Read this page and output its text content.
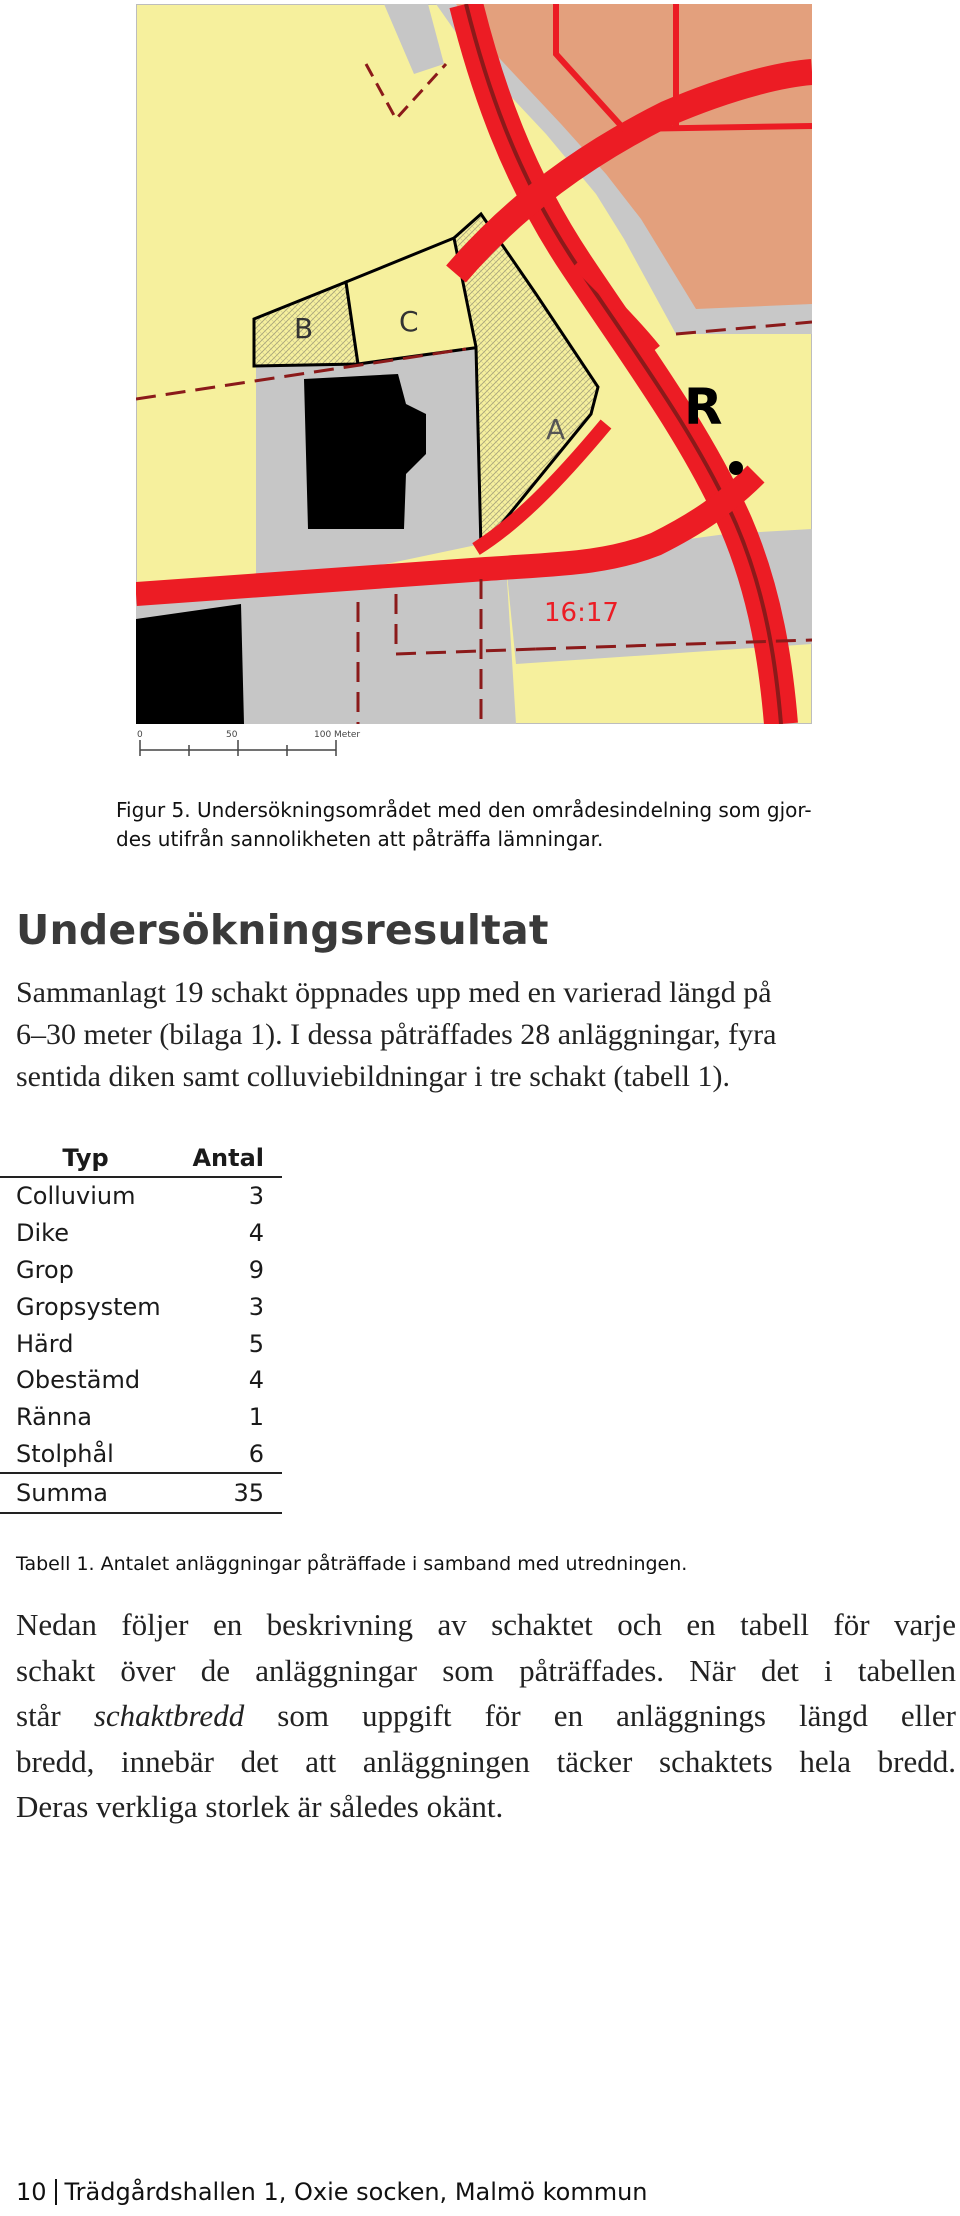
B	C
A
16:17
R
0	50	100 Meter
Figur 5. Undersökningsområdet med den områdesindelning som gjor-
des utifrån sannolikheten att påträffa lämningar.
Undersökningsresultat

Sammanlagt 19 schakt öppnades upp med en varierad längd på
6–30 meter (bilaga 1). I dessa påträffades 28 anläggningar, fyra
sentida diken samt colluviebildningar i tre schakt (tabell 1).

Typ	Antal
Colluvium	3
Dike	4
Grop	9
Gropsystem	3
Härd	5
Obestämd	4
Ränna	1
Stolphål	6
Summa	35

Tabell 1. Antalet anläggningar påträffade i samband med utredningen.

Nedan följer en beskrivning av schaktet och en tabell för varje
schakt över de anläggningar som påträffades. När det i tabellen
står schaktbredd som uppgift för en anläggnings längd eller
bredd, innebär det att anläggningen täcker schaktets hela bredd.
Deras verkliga storlek är således okänt.

10 Trädgårdshallen 1, Oxie socken, Malmö kommun
